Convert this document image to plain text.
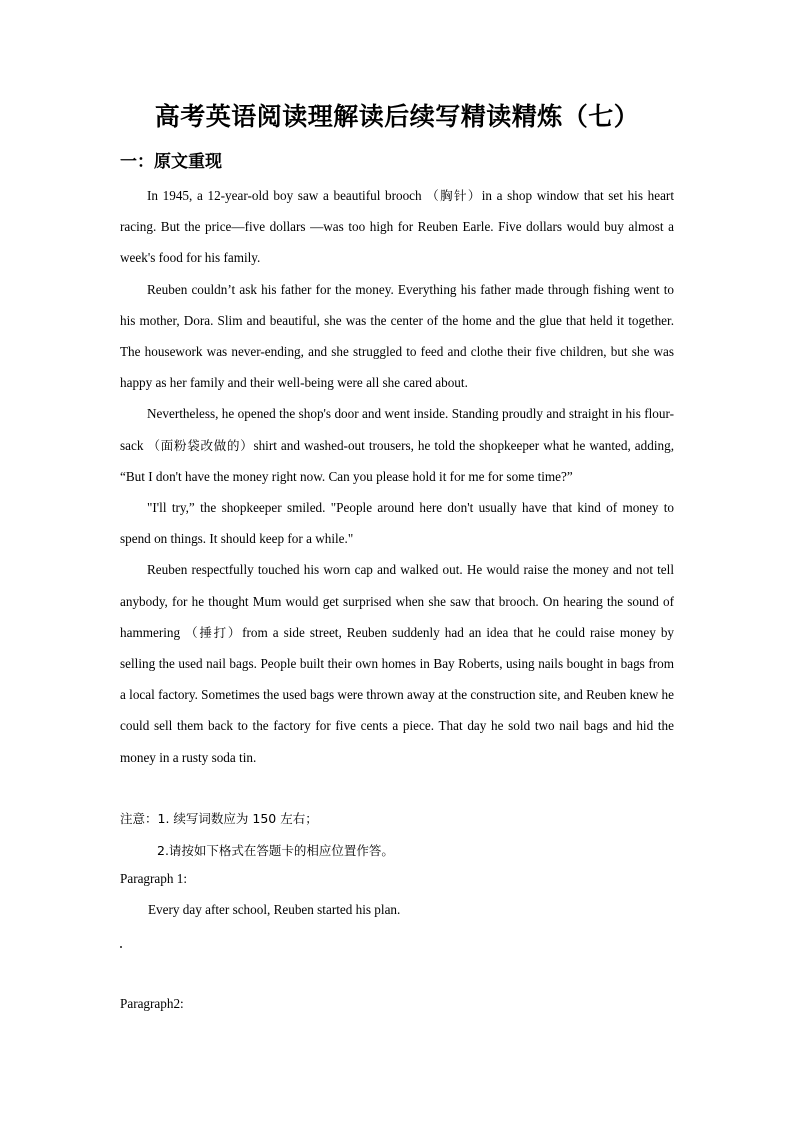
高考英语阅读理解读后续写精读精炼（七）
一：原文重现

In 1945, a 12-year-old boy saw a beautiful brooch （胸针）in a shop window that set his heart racing. But the price—five dollars —was too high for Reuben Earle. Five dollars would buy almost a week's food for his family.

Reuben couldn’t ask his father for the money. Everything his father made through fishing went to his mother, Dora. Slim and beautiful, she was the center of the home and the glue that held it together. The housework was never-ending, and she struggled to feed and clothe their five children, but she was happy as her family and their well-being were all she cared about.

Nevertheless, he opened the shop's door and went inside. Standing proudly and straight in his flour-sack （面粉袋改做的）shirt and washed-out trousers, he told the shopkeeper what he wanted, adding, “But I don't have the money right now. Can you please hold it for me for some time?”

"I'll try,” the shopkeeper smiled. "People around here don't usually have that kind of money to spend on things. It should keep for a while."

Reuben respectfully touched his worn cap and walked out. He would raise the money and not tell anybody, for he thought Mum would get surprised when she saw that brooch. On hearing the sound of hammering （捶打）from a side street, Reuben suddenly had an idea that he could raise money by selling the used nail bags. People built their own homes in Bay Roberts, using nails bought in bags from a local factory. Sometimes the used bags were thrown away at the construction site, and Reuben knew he could sell them back to the factory for five cents a piece. That day he sold two nail bags and hid the money in a rusty soda tin.

注意：1. 续写词数应为 150 左右；
2.请按如下格式在答题卡的相应位置作答。
Paragraph 1:
Every day after school, Reuben started his plan.
Paragraph2:
